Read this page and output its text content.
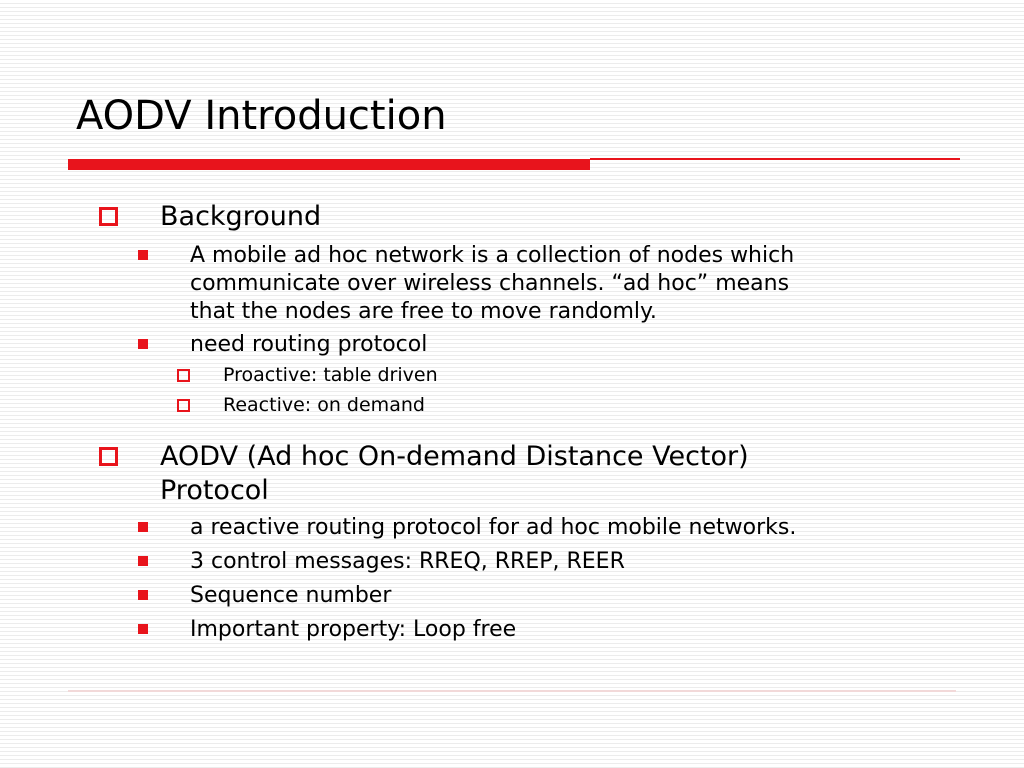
AODV Introduction
Background
A mobile ad hoc network is a collection of nodes which
communicate over wireless channels. “ad hoc” means
that the nodes are free to move randomly.
need routing protocol
Proactive: table driven
Reactive: on demand
AODV (Ad hoc On-demand Distance Vector)
Protocol
a reactive routing protocol for ad hoc mobile networks.
3 control messages: RREQ, RREP, REER
Sequence number
Important property: Loop free
